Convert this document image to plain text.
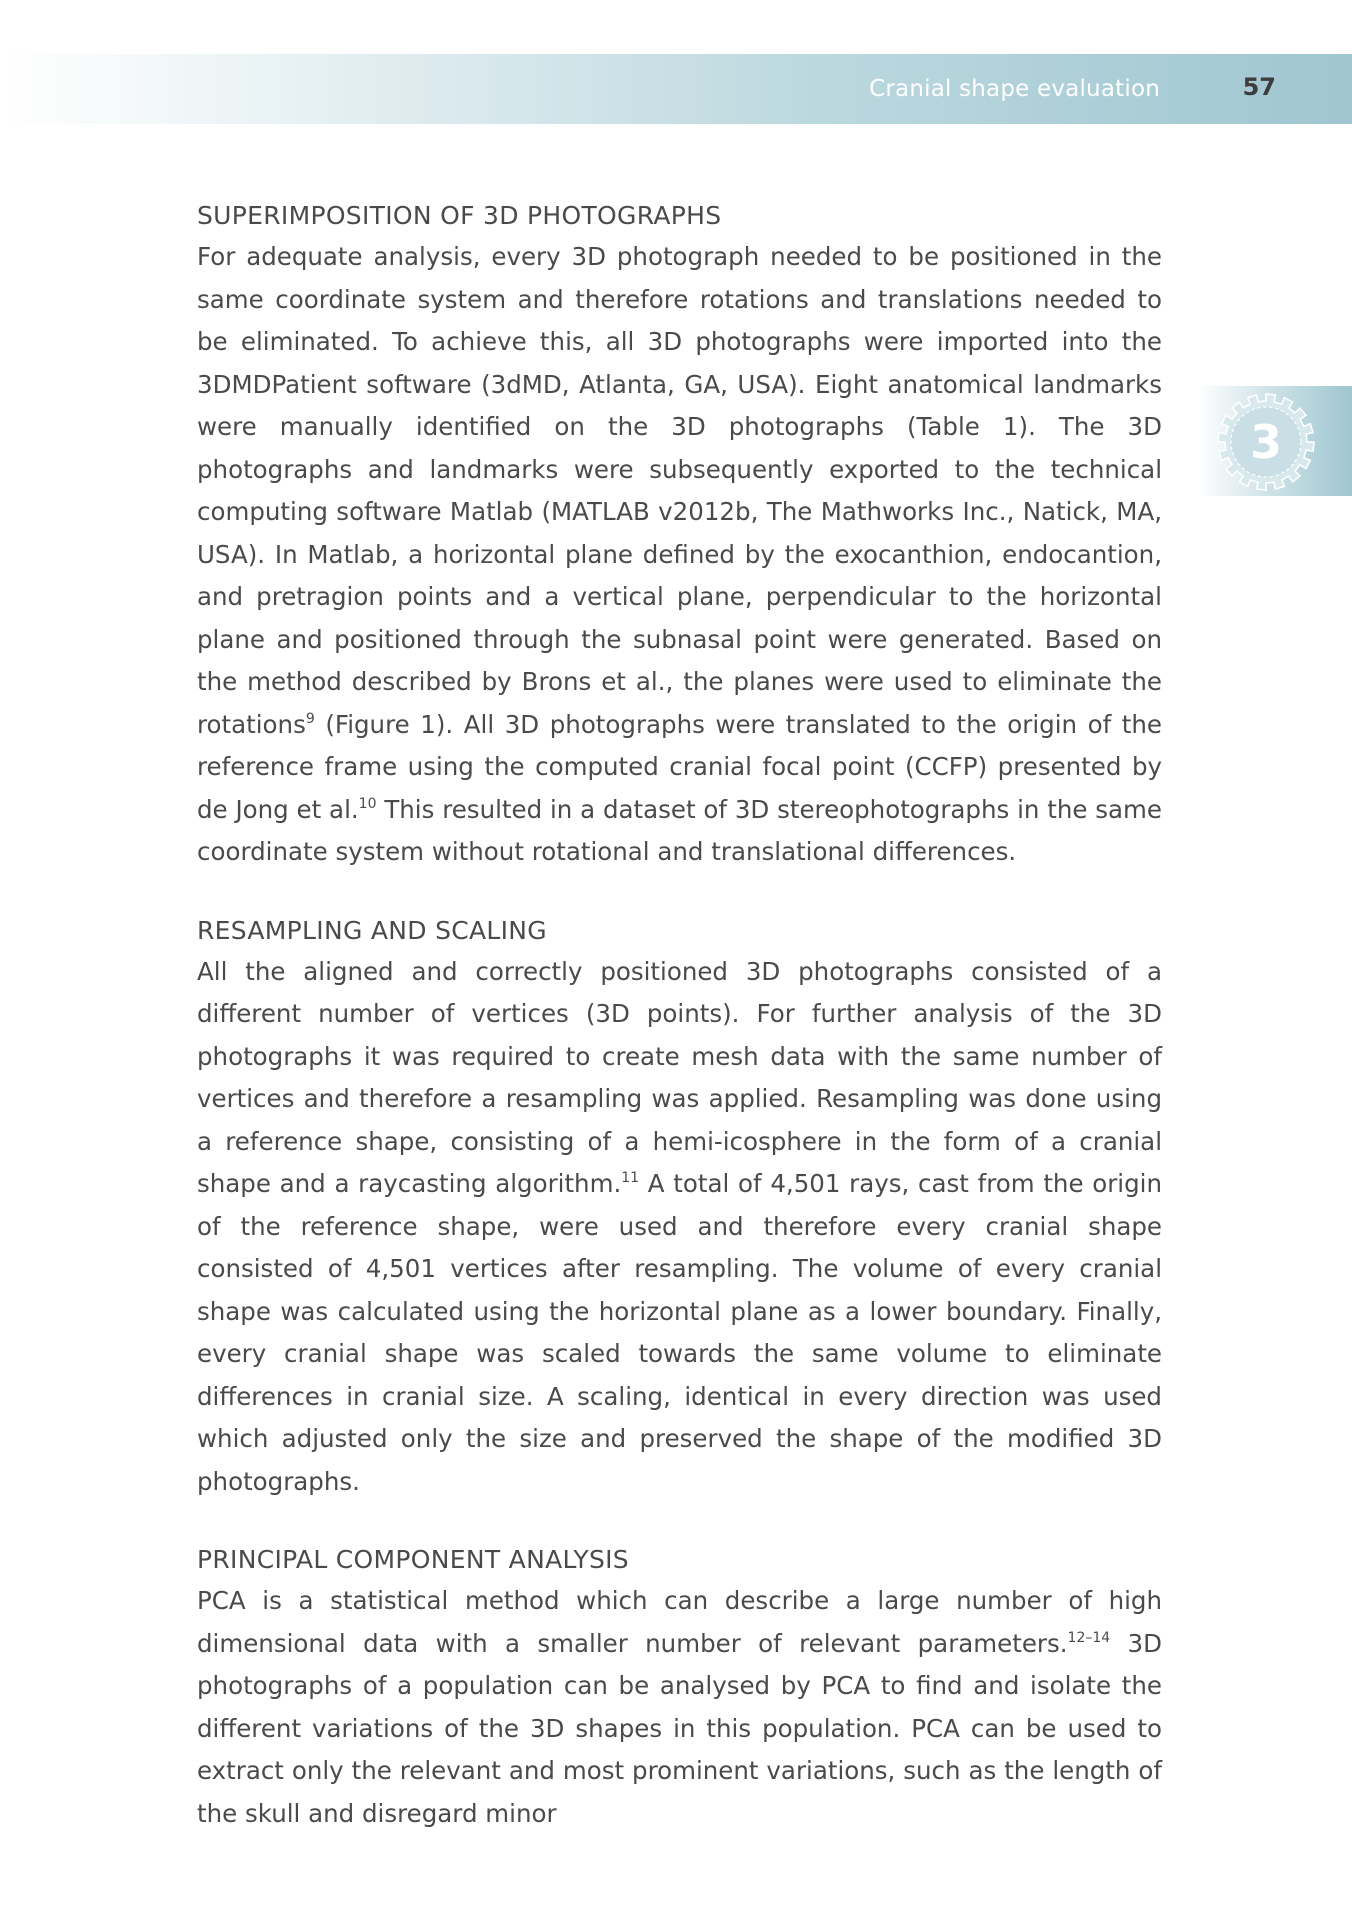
Cranial shape evaluation	57
3
SUPERIMPOSITION OF 3D PHOTOGRAPHS

For adequate analysis, every 3D photograph needed to be positioned in the same coordinate system and therefore rotations and translations needed to be eliminated. To achieve this, all 3D photographs were imported into the 3DMDPatient software (3dMD, Atlanta, GA, USA). Eight anatomical landmarks were manually identified on the 3D photographs (Table 1). The 3D photographs and landmarks were subsequently exported to the technical computing software Matlab (MATLAB v2012b, The Mathworks Inc., Natick, MA, USA). In Matlab, a horizontal plane defined by the exocanthion, endocantion, and pretragion points and a vertical plane, perpendicular to the horizontal plane and positioned through the subnasal point were generated. Based on the method described by Brons et al., the planes were used to eliminate the rotations$^9$ (Figure 1). All 3D photographs were translated to the origin of the reference frame using the computed cranial focal point (CCFP) presented by de Jong et al.$^{10}$ This resulted in a dataset of 3D stereophotographs in the same coordinate system without rotational and translational differences.

RESAMPLING AND SCALING

All the aligned and correctly positioned 3D photographs consisted of a different number of vertices (3D points). For further analysis of the 3D photographs it was required to create mesh data with the same number of vertices and therefore a resampling was applied. Resampling was done using a reference shape, consisting of a hemi-icosphere in the form of a cranial shape and a raycasting algorithm.$^{11}$ A total of 4,501 rays, cast from the origin of the reference shape, were used and therefore every cranial shape consisted of 4,501 vertices after resampling. The volume of every cranial shape was calculated using the horizontal plane as a lower boundary. Finally, every cranial shape was scaled towards the same volume to eliminate differences in cranial size. A scaling, identical in every direction was used which adjusted only the size and preserved the shape of the modified 3D photographs.

PRINCIPAL COMPONENT ANALYSIS

PCA is a statistical method which can describe a large number of high dimensional data with a smaller number of relevant parameters.$^{12-14}$ 3D photographs of a population can be analysed by PCA to find and isolate the different variations of the 3D shapes in this population. PCA can be used to extract only the relevant and most prominent variations, such as the length of the skull and disregard minor
